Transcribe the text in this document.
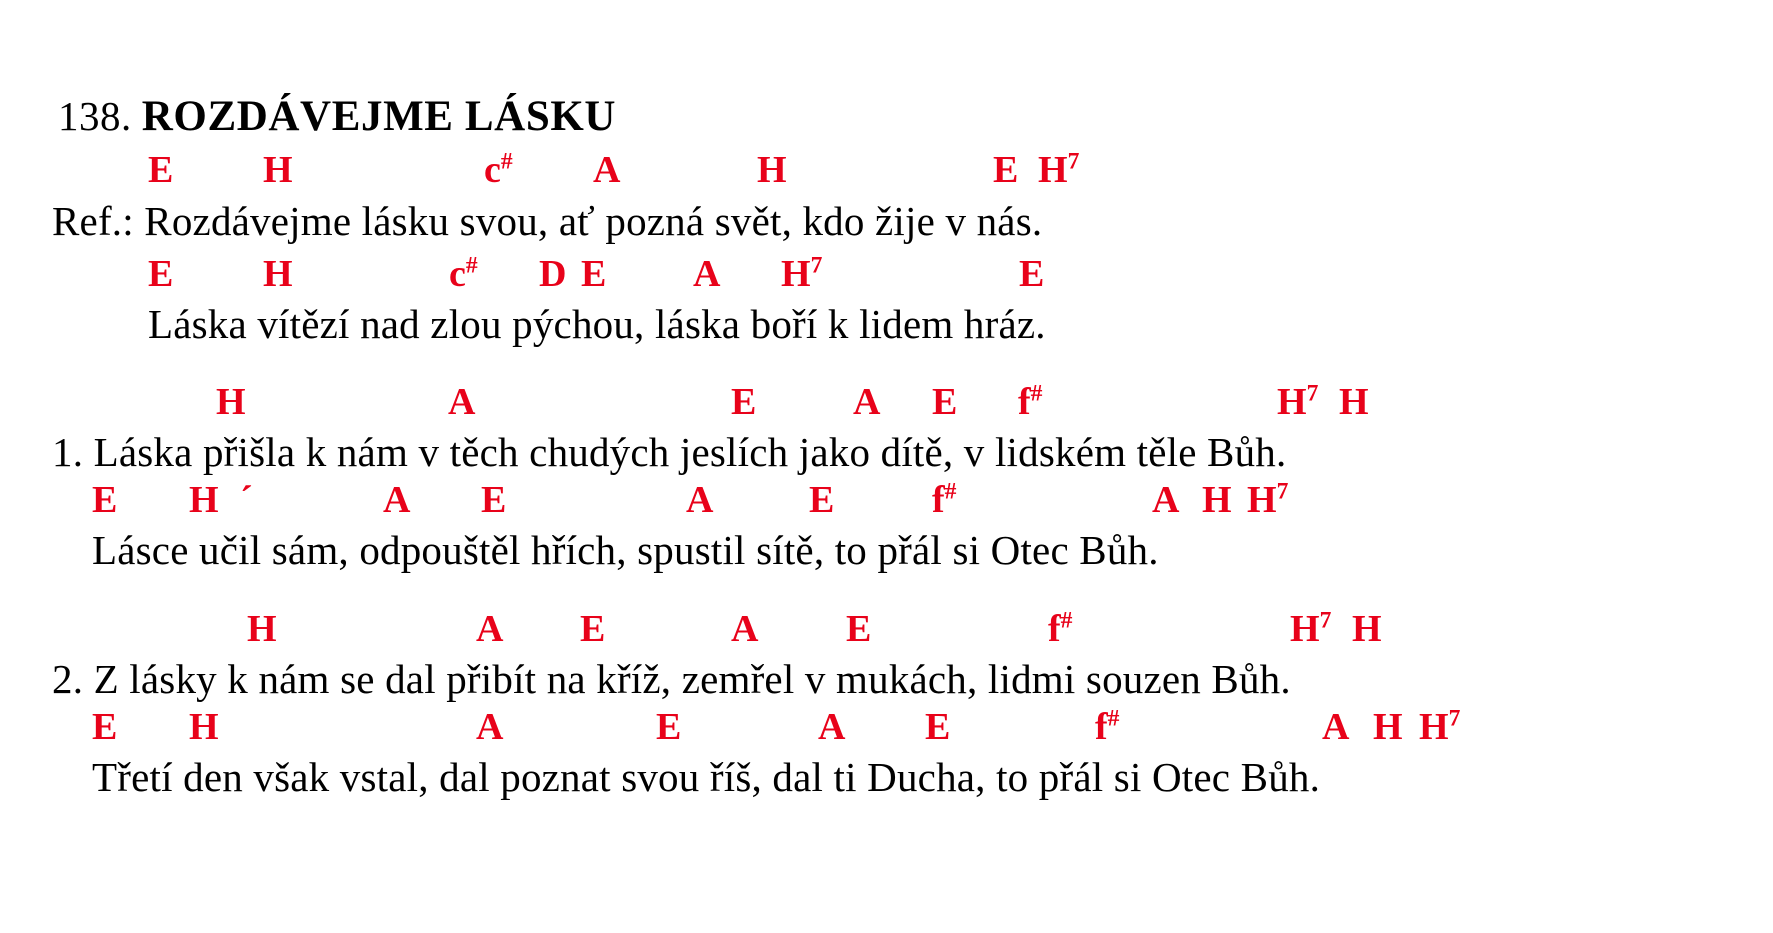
138. ROZDÁVEJME LÁSKU
E H	c# A	H	E $H^7$
Ref.: Rozdávejme lásku svou, ať pozná svět, kdo žije v nás.
E H	c# D E A $H^7$	E
Láska vítězí nad zlou pýchou, láska boří k lidem hráz.
H	A	E	A E f#	$H^7$ H
1. Láska přišla k nám v těch chudých jeslích jako dítě, v lidském těle Bůh.
E H ´	A E	A	E	f#	A H $H^7$
Lásce učil sám, odpouštěl hřích, spustil sítě, to přál si Otec Bůh.
H	A E	A E	f#	$H^7$ H
2. Z lásky k nám se dal přibít na kříž, zemřel v mukách, lidmi souzen Bůh.
E H	A	E	A E	f#	A H $H^7$
Třetí den však vstal, dal poznat svou říš, dal ti Ducha, to přál si Otec Bůh.
